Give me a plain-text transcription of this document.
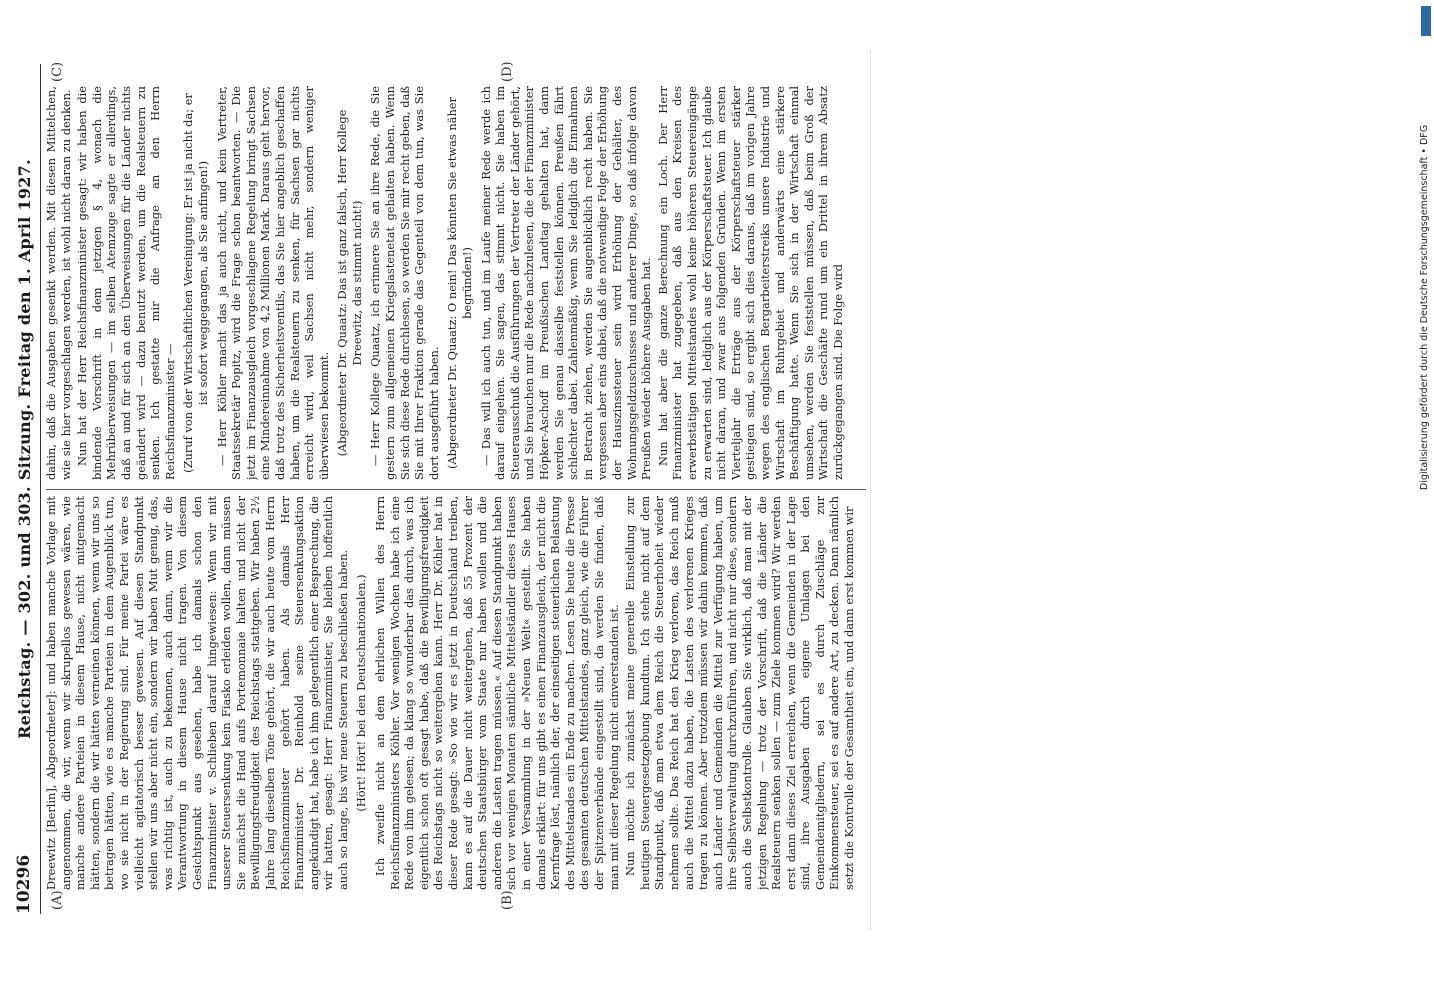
10296
Reichstag. — 302. und 303. Sitzung. Freitag den 1. April 1927.
(A)	(B)
(C)	(D)

Dreewitz [Berlin], Abgeordneter]: und haben manche Vorlage mit angenommen, die wir, wenn wir skrupellos gewesen wären, wie manche andere Parteien in diesem Hause, nicht mitgemacht hätten, sondern die wir hätten verneinen können, wenn wir uns so betragen hätten, wie es manche Parteien in dem Augenblick tun, wo sie nicht in der Regierung sind. Für meine Partei wäre es vielleicht agitatorisch besser gewesen. Auf diesen Standpunkt stellen wir uns aber nicht ein, sondern wir haben Mut genug, das, was richtig ist, auch zu bekennen, auch dann, wenn wir die Verantwortung in diesem Hause nicht tragen. Von diesem Gesichtspunkt aus gesehen, habe ich damals schon den Finanzminister v. Schlieben darauf hingewiesen: Wenn wir mit unserer Steuersenkung kein Fiasko erleiden wollen, dann müssen Sie zunächst die Hand aufs Portemonnaie halten und nicht der Bewilligungsfreudigkeit des Reichstags stattgeben. Wir haben 2½ Jahre lang dieselben Töne gehört, die wir auch heute vom Herrn Reichsfinanzminister gehört haben. Als damals Herr Finanzminister Dr. Reinhold seine Steuersenkungsaktion angekündigt hat, habe ich ihm gelegentlich einer Besprechung, die wir hatten, gesagt: Herr Finanzminister, Sie bleiben hoffentlich auch so lange, bis wir neue Steuern zu beschließen haben. (Hört! Hört! bei den Deutschnationalen.) Ich zweifle nicht an dem ehrlichen Willen des Herrn Reichsfinanzministers Köhler. Vor wenigen Wochen habe ich eine Rede von ihm gelesen; da klang so wunderbar das durch, was ich eigentlich schon oft gesagt habe, daß die Bewilligungsfreudigkeit des Reichstags nicht so weitergehen kann. Herr Dr. Köhler hat in dieser Rede gesagt: »So wie wir es jetzt in Deutschland treiben, kann es auf die Dauer nicht weitergehen, daß 55 Prozent der deutschen Staatsbürger vom Staate nur haben wollen und die anderen die Lasten tragen müssen.« Auf diesen Standpunkt haben sich vor wenigen Monaten sämtliche Mittelständler dieses Hauses in einer Versammlung in der »Neuen Welt« gestellt. Sie haben damals erklärt: für uns gibt es einen Finanzausgleich, der nicht die Kernfrage löst, nämlich der, der einseitigen steuerlichen Belastung des Mittelstandes ein Ende zu machen. Lesen Sie heute die Presse des gesamten deutschen Mittelstandes, ganz gleich, wie die Führer der Spitzenverbände eingestellt sind, da werden Sie finden, daß man mit dieser Regelung nicht einverstanden ist. Nun möchte ich zunächst meine generelle Einstellung zur heutigen Steuergesetzgebung kundtun. Ich stehe nicht auf dem Standpunkt, daß man etwa dem Reich die Steuerhoheit wieder nehmen sollte. Das Reich hat den Krieg verloren, das Reich muß auch die Mittel dazu haben, die Lasten des verlorenen Krieges tragen zu können. Aber trotzdem müssen wir dahin kommen, daß auch Länder und Gemeinden die Mittel zur Verfügung haben, um ihre Selbstverwaltung durchzuführen, und nicht nur diese, sondern auch die Selbstkontrolle. Glauben Sie wirklich, daß man mit der jetzigen Regelung — trotz der Vorschrift, daß die Länder die Realsteuern senken sollen — zum Ziele kommen wird? Wir werden erst dann dieses Ziel erreichen, wenn die Gemeinden in der Lage sind, ihre Ausgaben durch eigene Umlagen bei den Gemeindemitgliedern, sei es durch Zuschläge zur Einkommensteuer, sei es auf andere Art, zu decken. Dann nämlich setzt die Kontrolle der Gesamtheit ein, und dann erst kommen wir

dahin, daß die Ausgaben gesenkt werden. Mit diesen Mittelchen, wie sie hier vorgeschlagen werden, ist wohl nicht daran zu denken. Nun hat der Herr Reichsfinanzminister gesagt: wir haben die bindende Vorschrift in dem jetzigen § 4, wonach die Mehrüberweisungen — im selben Atemzuge sagte er allerdings, daß an und für sich an den Überweisungen für die Länder nichts geändert wird — dazu benutzt werden, um die Realsteuern zu senken. Ich gestatte mir die Anfrage an den Herrn Reichsfinanzminister — (Zuruf von der Wirtschaftlichen Vereinigung: Er ist ja nicht da; er ist sofort weggegangen, als Sie anfingen!) — Herr Köhler macht das ja auch nicht, und kein Vertreter, Staatssekretär Popitz, wird die Frage schon beantworten. — Die jetzt im Finanzausgleich vorgeschlagene Regelung bringt Sachsen eine Mindereinnahme von 4,2 Millionen Mark. Daraus geht hervor, daß trotz des Sicherheitsventils, das Sie hier angeblich geschaffen haben, um die Realsteuern zu senken, für Sachsen gar nichts erreicht wird, weil Sachsen nicht mehr, sondern weniger überwiesen bekommt. (Abgeordneter Dr. Quaatz: Das ist ganz falsch, Herr Kollege Dreewitz, das stimmt nicht!) — Herr Kollege Quaatz, ich erinnere Sie an ihre Rede, die Sie gestern zum allgemeinen Kriegslastenetat gehalten haben. Wenn Sie sich diese Rede durchlesen, so werden Sie mir recht geben, daß Sie mit Ihrer Fraktion gerade das Gegenteil von dem tun, was Sie dort ausgeführt haben. (Abgeordneter Dr. Quaatz: O nein! Das könnten Sie etwas näher begründen!) — Das will ich auch tun, und im Laufe meiner Rede werde ich darauf eingehen. Sie sagen, das stimmt nicht. Sie haben im Steuerausschuß die Ausführungen der Vertreter der Länder gehört, und Sie brauchen nur die Rede nachzulesen, die der Finanzminister Höpker-Aschoff im Preußischen Landtag gehalten hat, dann werden Sie genau dasselbe feststellen können. Preußen fährt schlechter dabei. Zahlenmäßig, wenn Sie lediglich die Einnahmen in Betracht ziehen, werden Sie augenblicklich recht haben. Sie vergessen aber eins dabei, daß die notwendige Folge der Erhöhung der Hauszinssteuer sein wird Erhöhung der Gehälter, des Wohnungsgeldzuschusses und anderer Dinge, so daß infolge davon Preußen wieder höhere Ausgaben hat. Nun hat aber die ganze Berechnung ein Loch. Der Herr Finanzminister hat zugegeben, daß aus den Kreisen des erwerbstätigen Mittelstandes wohl keine höheren Steuereingänge zu erwarten sind, lediglich aus der Körperschaftsteuer. Ich glaube nicht daran, und zwar aus folgenden Gründen. Wenn im ersten Vierteljahr die Erträge aus der Körperschaftsteuer stärker gestiegen sind, so ergibt sich dies daraus, daß im vorigen Jahre wegen des englischen Bergarbeiterstreiks unsere Industrie und Wirtschaft im Ruhrgebiet und anderwärts eine stärkere Beschäftigung hatte. Wenn Sie sich in der Wirtschaft einmal umsehen, werden Sie feststellen müssen, daß beim Groß der Wirtschaft die Geschäfte rund um ein Drittel in ihrem Absatz zurückgegangen sind. Die Folge wird	Digitalisierung gefördert durch die Deutsche Forschungsgemeinschaft • DFG
